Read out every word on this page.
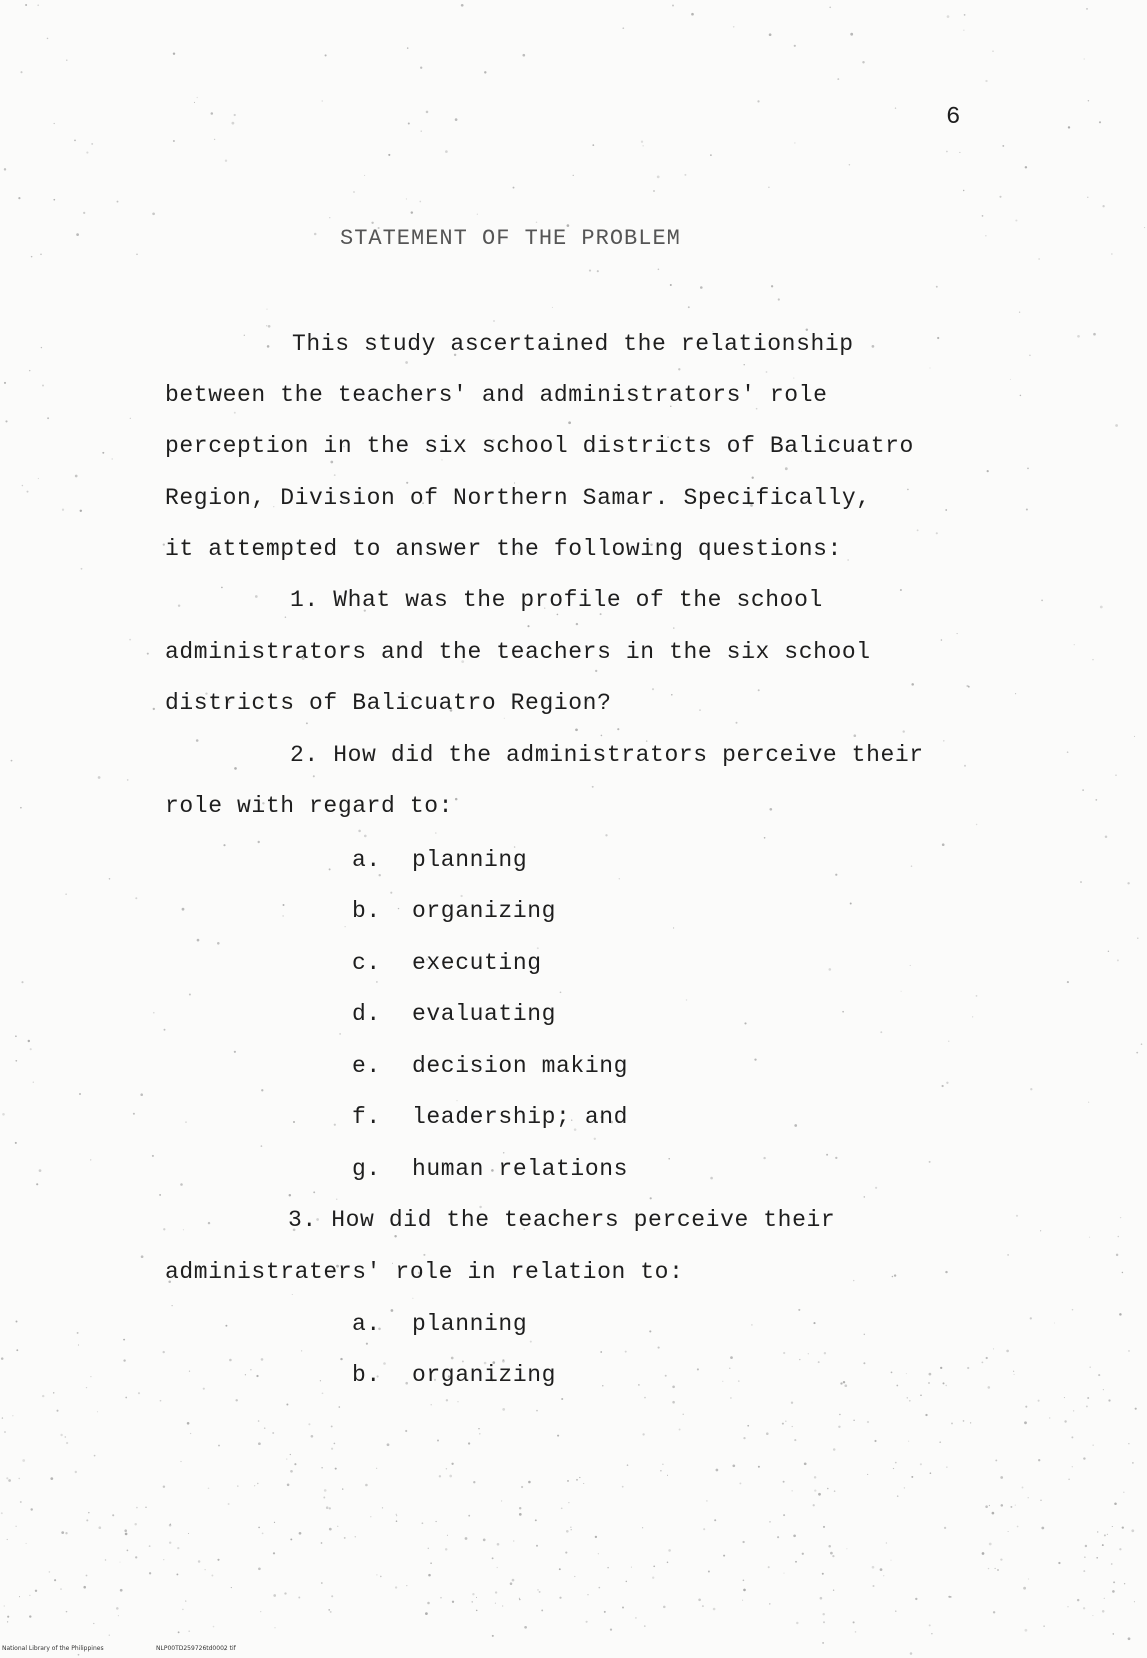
6
STATEMENT OF THE PROBLEM
This study ascertained the relationship
between the teachers' and administrators' role
perception in the six school districts of Balicuatro
Region, Division of Northern Samar. Specifically,
it attempted to answer the following questions:
1. What was the profile of the school
administrators and the teachers in the six school
districts of Balicuatro Region?
2. How did the administrators perceive their
role with regard to:
a. planning
b. organizing
c. executing
d. evaluating
e. decision making
f. leadership; and
g. human relations
3. How did the teachers perceive their
administraters' role in relation to:
a. planning
b. organizing
National Library of the Philippines	NLP00TD259726td0002 tif
